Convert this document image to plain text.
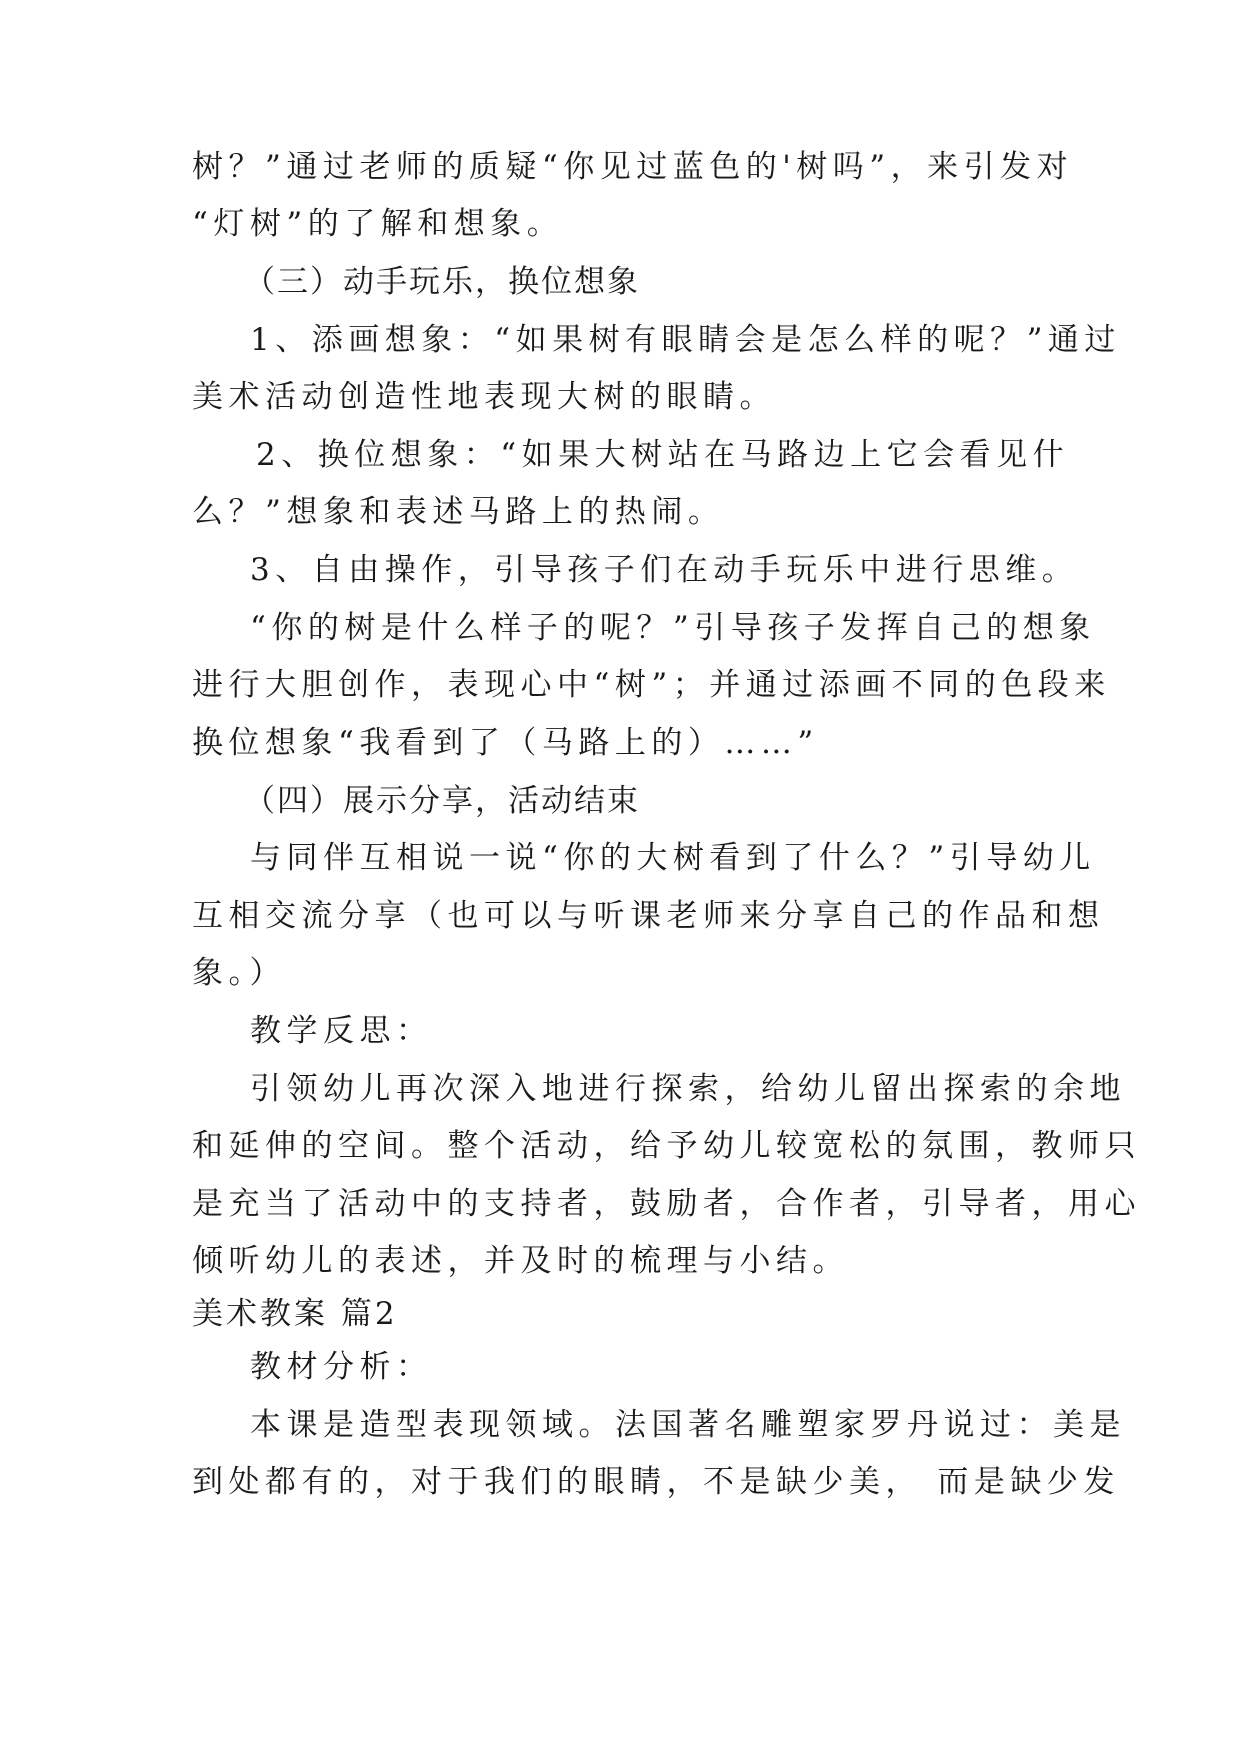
树？”通过老师的质疑“你见过蓝色的'树吗”，来引发对
“灯树”的了解和想象。
（三）动手玩乐，换位想象
1、添画想象：“如果树有眼睛会是怎么样的呢？”通过
美术活动创造性地表现大树的眼睛。
2、换位想象：“如果大树站在马路边上它会看见什
么？”想象和表述马路上的热闹。
3、自由操作，引导孩子们在动手玩乐中进行思维。
“你的树是什么样子的呢？”引导孩子发挥自己的想象
进行大胆创作，表现心中“树”；并通过添画不同的色段来
换位想象“我看到了（马路上的）……”
（四）展示分享，活动结束
与同伴互相说一说“你的大树看到了什么？”引导幼儿
互相交流分享（也可以与听课老师来分享自己的作品和想
象。）
教学反思：
引领幼儿再次深入地进行探索，给幼儿留出探索的余地
和延伸的空间。整个活动，给予幼儿较宽松的氛围，教师只
是充当了活动中的支持者，鼓励者，合作者，引导者，用心
倾听幼儿的表述，并及时的梳理与小结。
美术教案 篇2
教材分析：
本课是造型表现领域。法国著名雕塑家罗丹说过：美是
到处都有的，对于我们的眼睛，不是缺少美， 而是缺少发
